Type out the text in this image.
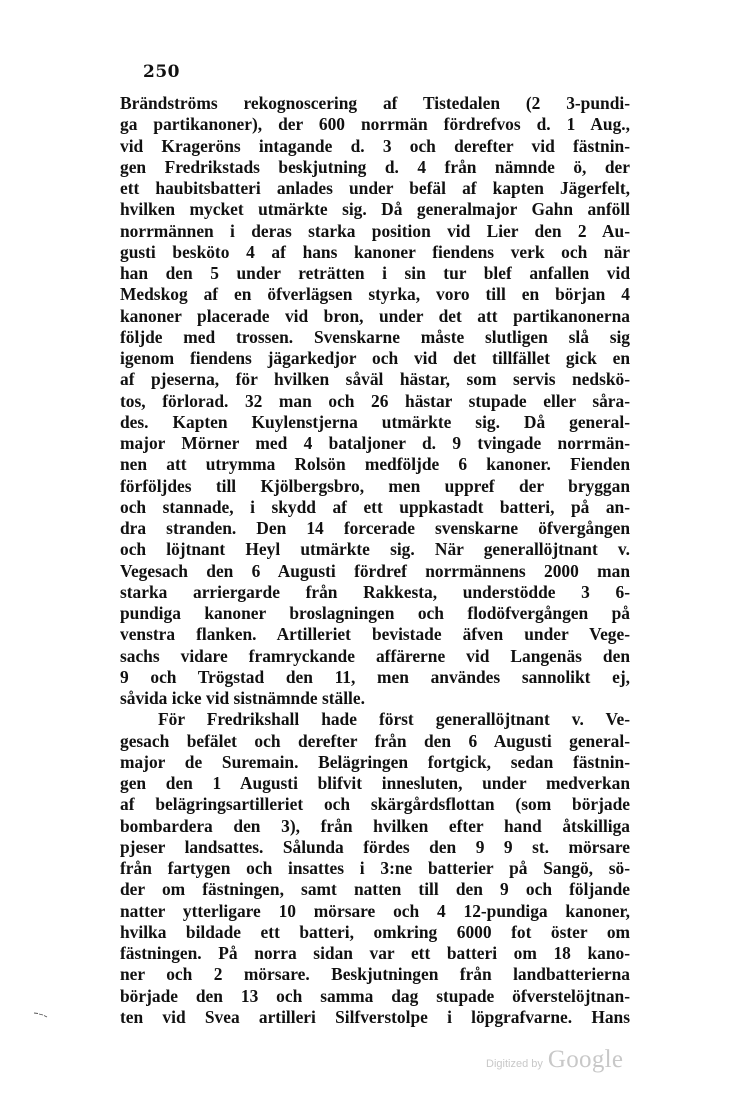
250
Brändströms rekognoscering af Tistedalen (2 3-pundi-
ga partikanoner), der 600 norrmän fördrefvos d. 1 Aug.,
vid Krageröns intagande d. 3 och derefter vid fästnin-
gen Fredrikstads beskjutning d. 4 från nämnde ö, der
ett haubitsbatteri anlades under befäl af kapten Jägerfelt,
hvilken mycket utmärkte sig. Då generalmajor Gahn anföll
norrmännen i deras starka position vid Lier den 2 Au-
gusti besköto 4 af hans kanoner fiendens verk och när
han den 5 under reträtten i sin tur blef anfallen vid
Medskog af en öfverlägsen styrka, voro till en början 4
kanoner placerade vid bron, under det att partikanonerna
följde med trossen. Svenskarne måste slutligen slå sig
igenom fiendens jägarkedjor och vid det tillfället gick en
af pjeserna, för hvilken såväl hästar, som servis nedskö-
tos, förlorad. 32 man och 26 hästar stupade eller såra-
des. Kapten Kuylenstjerna utmärkte sig. Då general-
major Mörner med 4 bataljoner d. 9 tvingade norrmän-
nen att utrymma Rolsön medföljde 6 kanoner. Fienden
förföljdes till Kjölbergsbro, men uppref der bryggan
och stannade, i skydd af ett uppkastadt batteri, på an-
dra stranden. Den 14 forcerade svenskarne öfvergången
och löjtnant Heyl utmärkte sig. När generallöjtnant v.
Vegesach den 6 Augusti fördref norrmännens 2000 man
starka arriergarde från Rakkesta, understödde 3 6-
pundiga kanoner broslagningen och flodöfvergången på
venstra flanken. Artilleriet bevistade äfven under Vege-
sachs vidare framryckande affärerne vid Langenäs den
9 och Trögstad den 11, men användes sannolikt ej,
såvida icke vid sistnämnde ställe.
För Fredrikshall hade först generallöjtnant v. Ve-
gesach befälet och derefter från den 6 Augusti general-
major de Suremain. Belägringen fortgick, sedan fästnin-
gen den 1 Augusti blifvit innesluten, under medverkan
af belägringsartilleriet och skärgårdsflottan (som började
bombardera den 3), från hvilken efter hand åtskilliga
pjeser landsattes. Sålunda fördes den 9 9 st. mörsare
från fartygen och insattes i 3:ne batterier på Sangö, sö-
der om fästningen, samt natten till den 9 och följande
natter ytterligare 10 mörsare och 4 12-pundiga kanoner,
hvilka bildade ett batteri, omkring 6000 fot öster om
fästningen. På norra sidan var ett batteri om 18 kano-
ner och 2 mörsare. Beskjutningen från landbatterierna
började den 13 och samma dag stupade öfverstelöjtnan-
ten vid Svea artilleri Silfverstolpe i löpgrafvarne. Hans
Digitized by Google
